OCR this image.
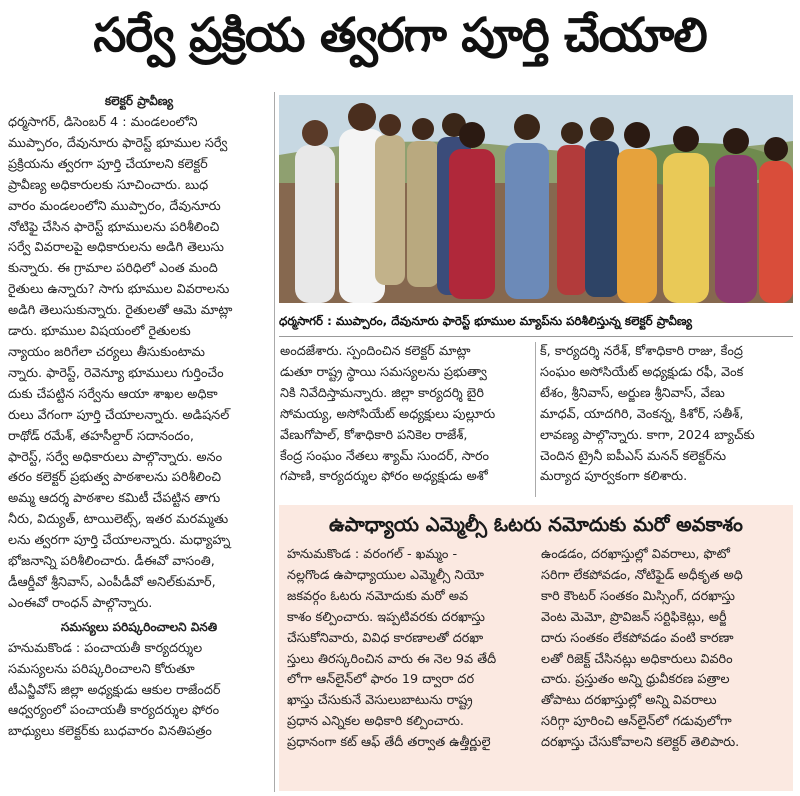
సర్వే ప్రక్రియ త్వరగా పూర్తి చేయాలి
కలెక్టర్‌ ప్రావీణ్య

ధర్మసాగర్‌, డిసెంబర్‌ 4 : మండలంలోని

ముప్పారం, దేవునూరు ఫారెస్ట్‌ భూముల సర్వే

ప్రక్రియను త్వరగా పూర్తి చేయాలని కలెక్టర్‌

ప్రావీణ్య అధికారులకు సూచించారు. బుధ

వారం మండలంలోని ముప్పారం, దేవునూరు

నోటిఫై చేసిన ఫారెస్ట్‌ భూములను పరిశీలించి

సర్వే వివరాలపై అధికారులను అడిగి తెలుసు

కున్నారు. ఈ గ్రామాల పరిధిలో ఎంత మంది

రైతులు ఉన్నారు? సాగు భూముల వివరాలను

అడిగి తెలుసుకున్నారు. రైతులతో ఆమె మాట్లా

డారు. భూముల విషయంలో రైతులకు

న్యాయం జరిగేలా చర్యలు తీసుకుంటామ

న్నారు. ఫారెస్ట్‌, రెవెన్యూ భూములు గుర్తించేం

దుకు చేపట్టిన సర్వేను ఆయా శాఖల అధికా

రులు వేగంగా పూర్తి చేయాలన్నారు. అడిషనల్‌

రాథోడ్‌ రమేశ్‌, తహసీల్దార్‌ సదానందం,

ఫారెస్ట్‌, సర్వే అధికారులు పాల్గొన్నారు. అనం

తరం కలెక్టర్‌ ప్రభుత్వ పాఠశాలను పరిశీలించి

అమ్మ ఆదర్శ పాఠశాల కమిటీ చేపట్టిన తాగు

నీరు, విద్యుత్‌, టాయిలెట్స్‌, ఇతర మరమ్మతు

లను త్వరగా పూర్తి చేయాలన్నారు. మధ్యాహ్న

భోజనాన్ని పరిశీలించారు. డీఈవో వాసంతి,

డీఆర్డీవో శ్రీనివాస్‌, ఎంపీడీవో అనిల్‌కుమార్‌,

ఎంఈవో రాంధన్‌ పాల్గొన్నారు.

సమస్యలు పరిష్కరించాలని వినతి

హనుమకొండ : పంచాయతీ కార్యదర్శుల

సమస్యలను పరిష్కరించాలని కోరుతూ

టీఎన్జీవోస్‌ జిల్లా అధ్యక్షుడు ఆకుల రాజేందర్‌

ఆధ్వర్యంలో పంచాయతీ కార్యదర్శుల ఫోరం

బాధ్యులు కలెక్టర్‌కు బుధవారం వినతిపత్రం

ధర్మసాగర్‌ : ముప్పారం, దేవునూరు ఫారెస్ట్‌ భూముల మ్యాప్‌ను పరిశీలిస్తున్న కలెక్టర్‌ ప్రావీణ్య

అందజేశారు. స్పందించిన కలెక్టర్‌ మాట్లా

డుతూ రాష్ట్ర స్థాయి సమస్యలను ప్రభుత్వా

నికి నివేదిస్తామన్నారు. జిల్లా కార్యదర్శి బైరి

సోమయ్య, అసోసియేట్‌ అధ్యక్షులు పుల్లూరు

వేణుగోపాల్‌, కోశాధికారి పనికెల రాజేశ్‌,

కేంద్ర సంఘం నేతలు శ్యామ్‌ సుందర్‌, సారం

గపాణి, కార్యదర్శుల ఫోరం అధ్యక్షుడు అశో

క్‌, కార్యదర్శి నరేశ్‌, కోశాధికారి రాజు, కేంద్ర

సంఘం అసోసియేట్‌ అధ్యక్షుడు రఫీ, వెంక

టేశం, శ్రీనివాస్‌, అర్జుణ శ్రీనివాస్‌, వేణు

మాధవ్‌, యాదగిరి, వెంకన్న, కిశోర్‌, సతీశ్‌,

లావణ్య పాల్గొన్నారు. కాగా, 2024 బ్యాచ్‌కు

చెందిన ట్రైనీ ఐపీఎస్‌ మనన్‌ కలెక్టర్‌ను

మర్యాద పూర్వకంగా కలిశారు.

ఉపాధ్యాయ ఎమ్మెల్సీ ఓటరు నమోదుకు మరో అవకాశం

హనుమకొండ : వరంగల్‌ - ఖమ్మం -

నల్లగొండ ఉపాధ్యాయుల ఎమ్మెల్సీ నియో

జకవర్గం ఓటరు నమోదుకు మరో అవ

కాశం కల్పించారు. ఇప్పటివరకు దరఖాస్తు

చేసుకోనివారు, వివిధ కారణాలతో దరఖా

స్తులు తిరస్కరించిన వారు ఈ నెల 9వ తేదీ

లోగా ఆన్‌లైన్‌లో ఫారం 19 ద్వారా దర

ఖాస్తు చేసుకునే వెసులుబాటును రాష్ట్ర

ప్రధాన ఎన్నికల అధికారి కల్పించారు.

ప్రధానంగా కట్‌ ఆఫ్‌ తేదీ తర్వాత ఉత్తీర్ణులై

ఉండడం, దరఖాస్తుల్లో వివరాలు, ఫొటో

సరిగా లేకపోవడం, నోటిఫైడ్‌ అధీకృత అధి

కారి కౌంటర్‌ సంతకం మిస్సింగ్‌, దరఖాస్తు

వెంట మెమో, ప్రొవిజన్‌ సర్టిఫికెట్లు, అర్జీ

దారు సంతకం లేకపోవడం వంటి కారణా

లతో రిజెక్ట్‌ చేసినట్లు అధికారులు వివరిం

చారు. ప్రస్తుతం అన్ని ధ్రువీకరణ పత్రాల

తోపాటు దరఖాస్తుల్లో అన్ని వివరాలు

సరిగ్గా పూరించి ఆన్‌లైన్‌లో గడువులోగా

దరఖాస్తు చేసుకోవాలని కలెక్టర్‌ తెలిపారు.
